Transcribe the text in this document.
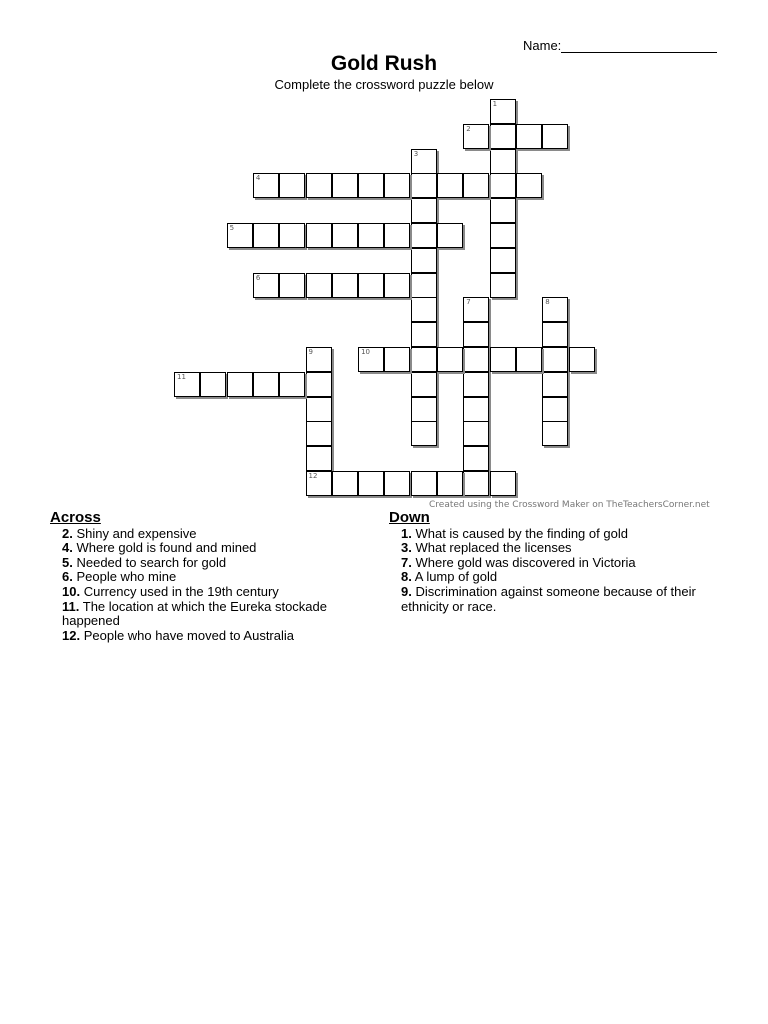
Name:
Gold Rush
Complete the crossword puzzle below
1
2
3
4
5
6
7	8
9
12
10
11
Created using the Crossword Maker on TheTeachersCorner.net
Across
2. Shiny and expensive
4. Where gold is found and mined
5. Needed to search for gold
6. People who mine
10. Currency used in the 19th century
11. The location at which the Eureka stockade happened
12. People who have moved to Australia
Down
1. What is caused by the finding of gold
3. What replaced the licenses
7. Where gold was discovered in Victoria
8. A lump of gold
9. Discrimination against someone because of their ethnicity or race.
